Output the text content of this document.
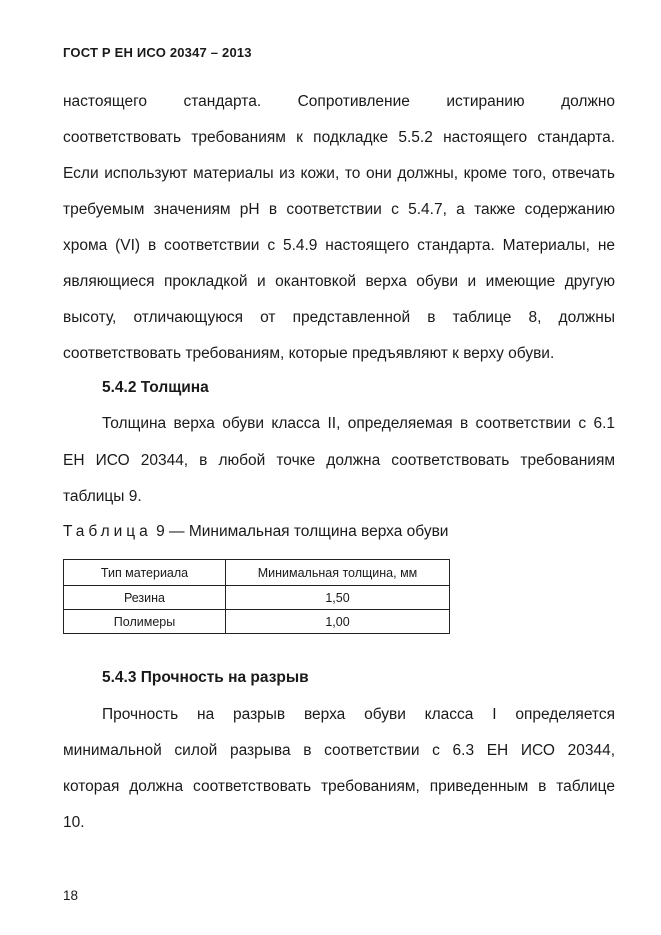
ГОСТ Р ЕН ИСО 20347 – 2013
настоящего стандарта. Сопротивление истиранию должно
соответствовать требованиям к подкладке 5.5.2 настоящего стандарта.
Если используют материалы из кожи, то они должны, кроме того, отвечать
требуемым значениям pH в соответствии с 5.4.7, а также содержанию
хрома (VI) в соответствии с 5.4.9 настоящего стандарта. Материалы, не
являющиеся прокладкой и окантовкой верха обуви и имеющие другую
высоту, отличающуюся от представленной в таблице 8, должны
соответствовать требованиям, которые предъявляют к верху обуви.
5.4.2 Толщина
Толщина верха обуви класса II, определяемая в соответствии с 6.1
ЕН ИСО 20344, в любой точке должна соответствовать требованиям
таблицы 9.
Таблица 9 — Минимальная толщина верха обуви
Тип материала	Минимальная толщина, мм
Резина	1,50
Полимеры	1,00
5.4.3 Прочность на разрыв
Прочность на разрыв верха обуви класса I определяется
минимальной силой разрыва в соответствии с 6.3 ЕН ИСО 20344,
которая должна соответствовать требованиям, приведенным в таблице
10.
18
